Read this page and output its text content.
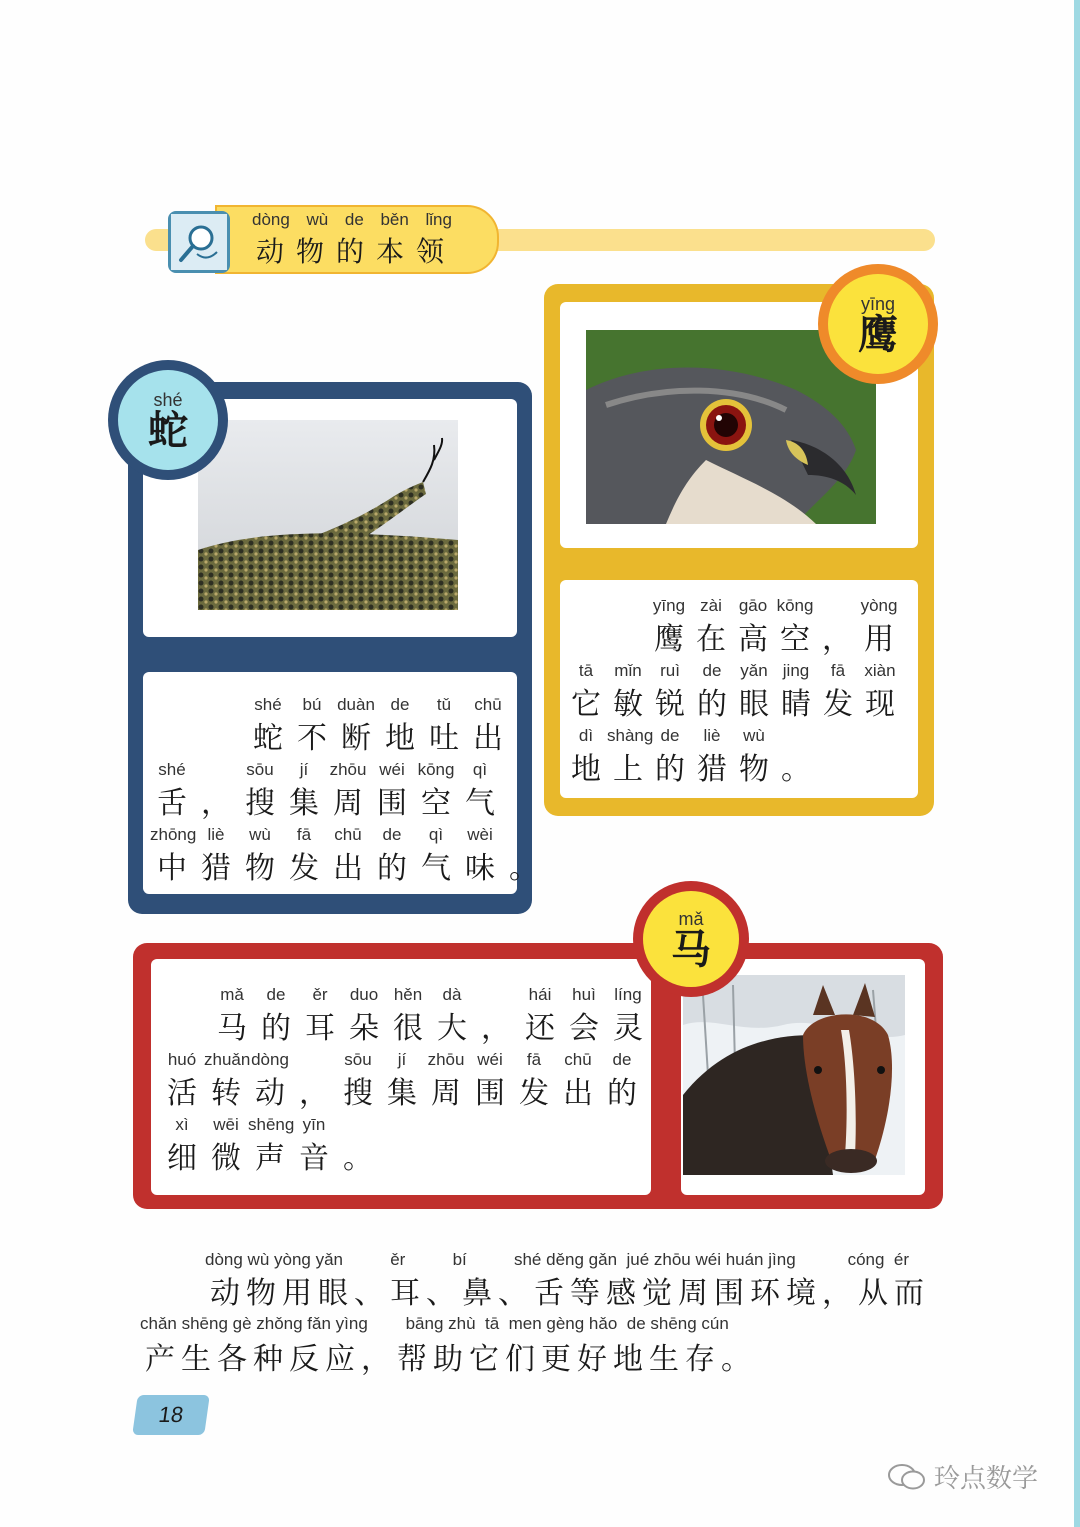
dòng wù de běn lǐng
动物的本领
shé
蛇
shé	bú duàn de	tǔ	chū
蛇 不 断 地 吐 出
shé	sōu	jí	zhōu wéi kōng	qì
舌 ， 搜 集 周 围 空 气
zhōng liè	wù	fā	chū	de	qì	wèi
中 猎 物 发 出 的 气 味 。
yīng
鹰
yīng zài gāo kōng	yòng
鹰 在 高 空 ， 用
tā	mǐn	ruì	de	yǎn jing	fā	xiàn
它 敏 锐 的 眼 睛 发 现
dì shàng de	liè	wù
地 上 的 猎 物 。
mǎ
马
mǎ	de	ěr	duo hěn	dà	hái	huì	líng
马 的 耳 朵 很 大 ， 还 会 灵
huó zhuǎn dòng	sōu	jí	zhōu wéi	fā	chū	de
活 转 动 ， 搜 集 周 围 发 出 的
xì	wēi shēng yīn
细 微 声 音 。
dòng wù yòng yǎn          ěr          bí          shé děng gǎn  jué zhōu wéi huán jìng           cóng  ér
动物用眼、耳、鼻、舌等感觉周围环境，从而
chǎn shēng gè zhǒng fǎn yìng        bāng zhù  tā  men gèng hǎo  de shēng cún
产生各种反应，帮助它们更好地生存。
18
玲点数学
